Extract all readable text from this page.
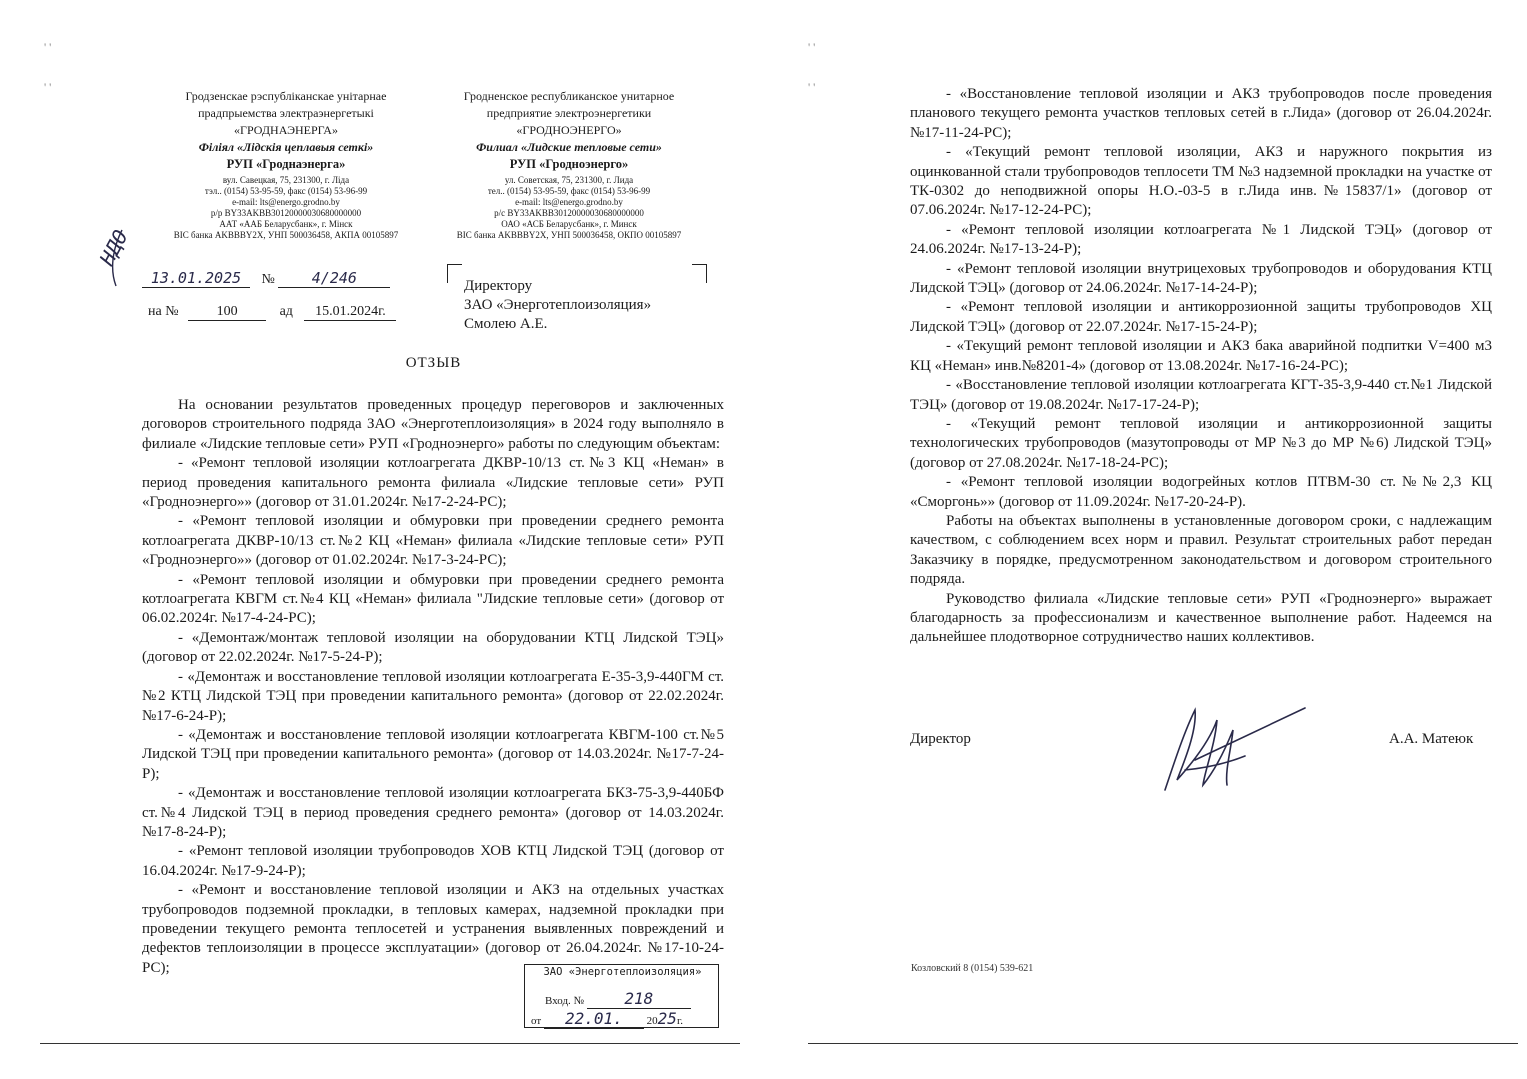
' '
' '
Гродзенскае рэспубліканскае унітарнае
прадпрыемства электраэнергетыкі
«ГРОДНАЭНЕРГА»
Філіял «Лідскія цеплавыя сеткі»
РУП «Гроднаэнерга»
вул. Савецкая, 75, 231300, г. Ліда
тэл.. (0154) 53-95-59, факс (0154) 53-96-99
e-mail: lts@energo.grodno.by
р/р BY33AKBB30120000030680000000
ААТ «ААБ Беларусбанк», г. Мінск
BIC банка AKBBBY2X, УНП 500036458, АКПА 00105897
Гродненское республиканское унитарное
предприятие электроэнергетики
«ГРОДНОЭНЕРГО»
Филиал «Лидские тепловые сети»
РУП «Гродноэнерго»
ул. Советская, 75, 231300, г. Лида
тел.. (0154) 53-95-59, факс (0154) 53-96-99
e-mail: lts@energo.grodno.by
р/с BY33AKBB30120000030680000000
ОАО «АСБ Беларусбанк», г. Минск
BIC банка AKBBBY2X, УНП 500036458, ОКПО 00105897
НДО
13.01.2025 № 4/246
на №	100	ад 15.01.2024г.
Директору
ЗАО «Энерготеплоизоляция»
Смолею А.Е.
ОТЗЫВ

На основании результатов проведенных процедур переговоров и заключенных договоров строительного подряда ЗАО «Энерготеплоизоляция» в 2024 году выполняло в филиале «Лидские тепловые сети» РУП «Гродноэнерго» работы по следующим объектам:

- «Ремонт тепловой изоляции котлоагрегата ДКВР-10/13 ст.№3 КЦ «Неман» в период проведения капитального ремонта филиала «Лидские тепловые сети» РУП «Гродноэнерго»» (договор от 31.01.2024г. №17-2-24-РС);

- «Ремонт тепловой изоляции и обмуровки при проведении среднего ремонта котлоагрегата ДКВР-10/13 ст.№2 КЦ «Неман» филиала «Лидские тепловые сети» РУП «Гродноэнерго»» (договор от 01.02.2024г. №17-3-24-РС);

- «Ремонт тепловой изоляции и обмуровки при проведении среднего ремонта котлоагрегата КВГМ ст.№4 КЦ «Неман» филиала "Лидские тепловые сети» (договор от 06.02.2024г. №17-4-24-РС);

- «Демонтаж/монтаж тепловой изоляции на оборудовании КТЦ Лидской ТЭЦ» (договор от 22.02.2024г. №17-5-24-Р);

- «Демонтаж и восстановление тепловой изоляции котлоагрегата Е-35-3,9-440ГМ ст.№2 КТЦ Лидской ТЭЦ при проведении капитального ремонта» (договор от 22.02.2024г. №17-6-24-Р);

- «Демонтаж и восстановление тепловой изоляции котлоагрегата КВГМ-100 ст.№5 Лидской ТЭЦ при проведении капитального ремонта» (договор от 14.03.2024г. №17-7-24-Р);

- «Демонтаж и восстановление тепловой изоляции котлоагрегата БКЗ-75-3,9-440БФ ст.№4 Лидской ТЭЦ в период проведения среднего ремонта» (договор от 14.03.2024г. №17-8-24-Р);

- «Ремонт тепловой изоляции трубопроводов ХОВ КТЦ Лидской ТЭЦ (договор от 16.04.2024г. №17-9-24-Р);

- «Ремонт и восстановление тепловой изоляции и АКЗ на отдельных участках трубопроводов подземной прокладки, в тепловых камерах, надземной прокладки при проведении текущего ремонта теплосетей и устранения выявленных повреждений и дефектов теплоизоляции в процессе эксплуатации» (договор от 26.04.2024г. №17-10-24-РС);	ЗАО «Энерготеплоизоляция»
Вход. №	218
от 22.01. 2025г.
' '
' '	- «Восстановление тепловой изоляции и АКЗ трубопроводов после проведения планового текущего ремонта участков тепловых сетей в г.Лида» (договор от 26.04.2024г. №17-11-24-РС);

- «Текущий ремонт тепловой изоляции, АКЗ и наружного покрытия из оцинкованной стали трубопроводов теплосети ТМ №3 надземной прокладки на участке от ТК-0302 до неподвижной опоры Н.О.-03-5 в г.Лида инв.№15837/1» (договор от 07.06.2024г. №17-12-24-РС);

- «Ремонт тепловой изоляции котлоагрегата №1 Лидской ТЭЦ» (договор от 24.06.2024г. №17-13-24-Р);

- «Ремонт тепловой изоляции внутрицеховых трубопроводов и оборудования КТЦ Лидской ТЭЦ» (договор от 24.06.2024г. №17-14-24-Р);

- «Ремонт тепловой изоляции и антикоррозионной защиты трубопроводов ХЦ Лидской ТЭЦ» (договор от 22.07.2024г. №17-15-24-Р);

- «Текущий ремонт тепловой изоляции и АКЗ бака аварийной подпитки V=400 м3 КЦ «Неман» инв.№8201-4» (договор от 13.08.2024г. №17-16-24-РС);

- «Восстановление тепловой изоляции котлоагрегата КГТ-35-3,9-440 ст.№1 Лидской ТЭЦ» (договор от 19.08.2024г. №17-17-24-Р);

- «Текущий ремонт тепловой изоляции и антикоррозионной защиты технологических трубопроводов (мазутопроводы от МР №3 до МР №6) Лидской ТЭЦ» (договор от 27.08.2024г. №17-18-24-РС);

- «Ремонт тепловой изоляции водогрейных котлов ПТВМ-30 ст.№№2,3 КЦ «Сморгонь»» (договор от 11.09.2024г. №17-20-24-Р).

Работы на объектах выполнены в установленные договором сроки, с надлежащим качеством, с соблюдением всех норм и правил. Результат строительных работ передан Заказчику в порядке, предусмотренном законодательством и договором строительного подряда.

Руководство филиала «Лидские тепловые сети» РУП «Гродноэнерго» выражает благодарность за профессионализм и качественное выполнение работ. Надеемся на дальнейшее плодотворное сотрудничество наших коллективов.

Директор	А.А. Матеюк
Козловский 8 (0154) 539-621
